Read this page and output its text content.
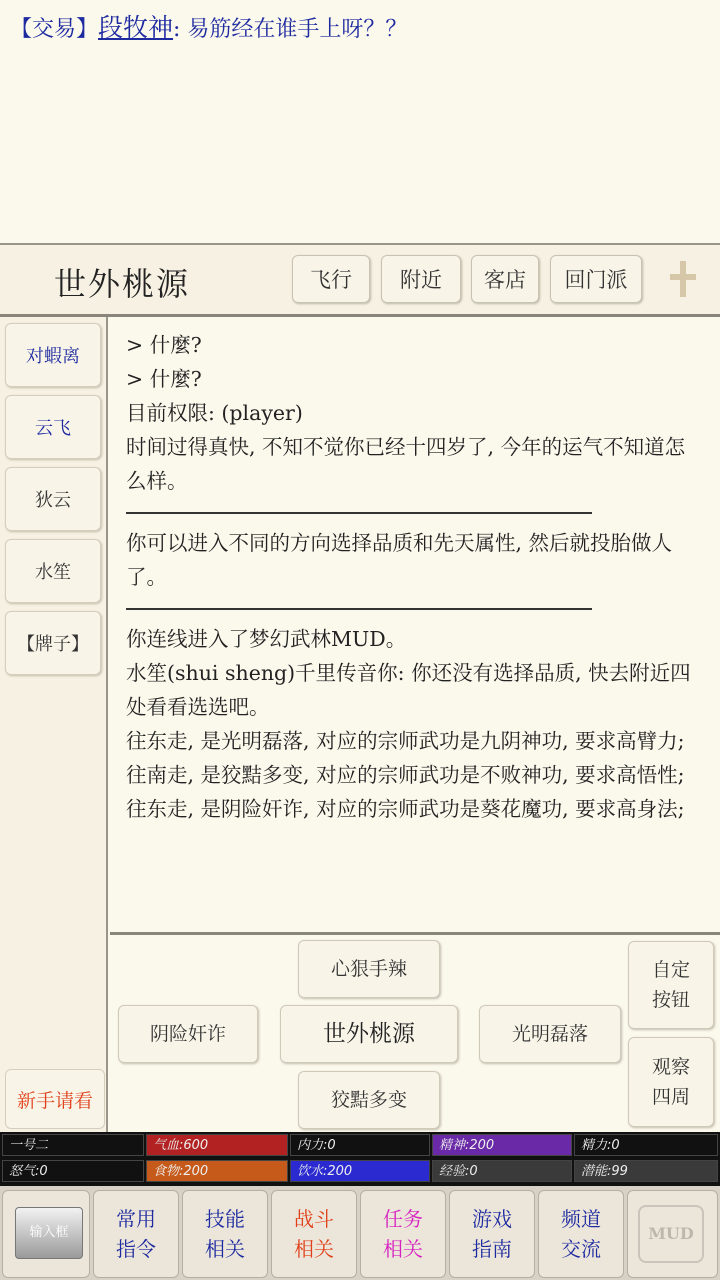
【交易】段牧神: 易筋经在谁手上呀？？
世外桃源	飞行	附近	客店	回门派
对蝦离
云飞
狄云
水笙
【牌子】
新手请看
> 什麼?
> 什麼?
目前权限: (player)
时间过得真快, 不知不觉你已经十四岁了, 今年的运气不知道怎么样。
你可以进入不同的方向选择品质和先天属性, 然后就投胎做人了。
你连线进入了梦幻武林MUD。
水笙(shui sheng)千里传音你: 你还没有选择品质, 快去附近四处看看选选吧。
往东走, 是光明磊落, 对应的宗师武功是九阴神功, 要求高臂力;
往南走, 是狡黠多变, 对应的宗师武功是不败神功, 要求高悟性;
往东走, 是阴险奸诈, 对应的宗师武功是葵花魔功, 要求高身法;
心狠手辣
阴险奸诈	世外桃源	光明磊落
狡黠多变
自定按钮
观察四周
一号二	气血:600	内力:0	精神:200	精力:0
怒气:0	食物:200	饮水:200	经验:0	潜能:99
输入框
常用指令
技能相关
战斗相关
任务相关
游戏指南
频道交流
MUD
